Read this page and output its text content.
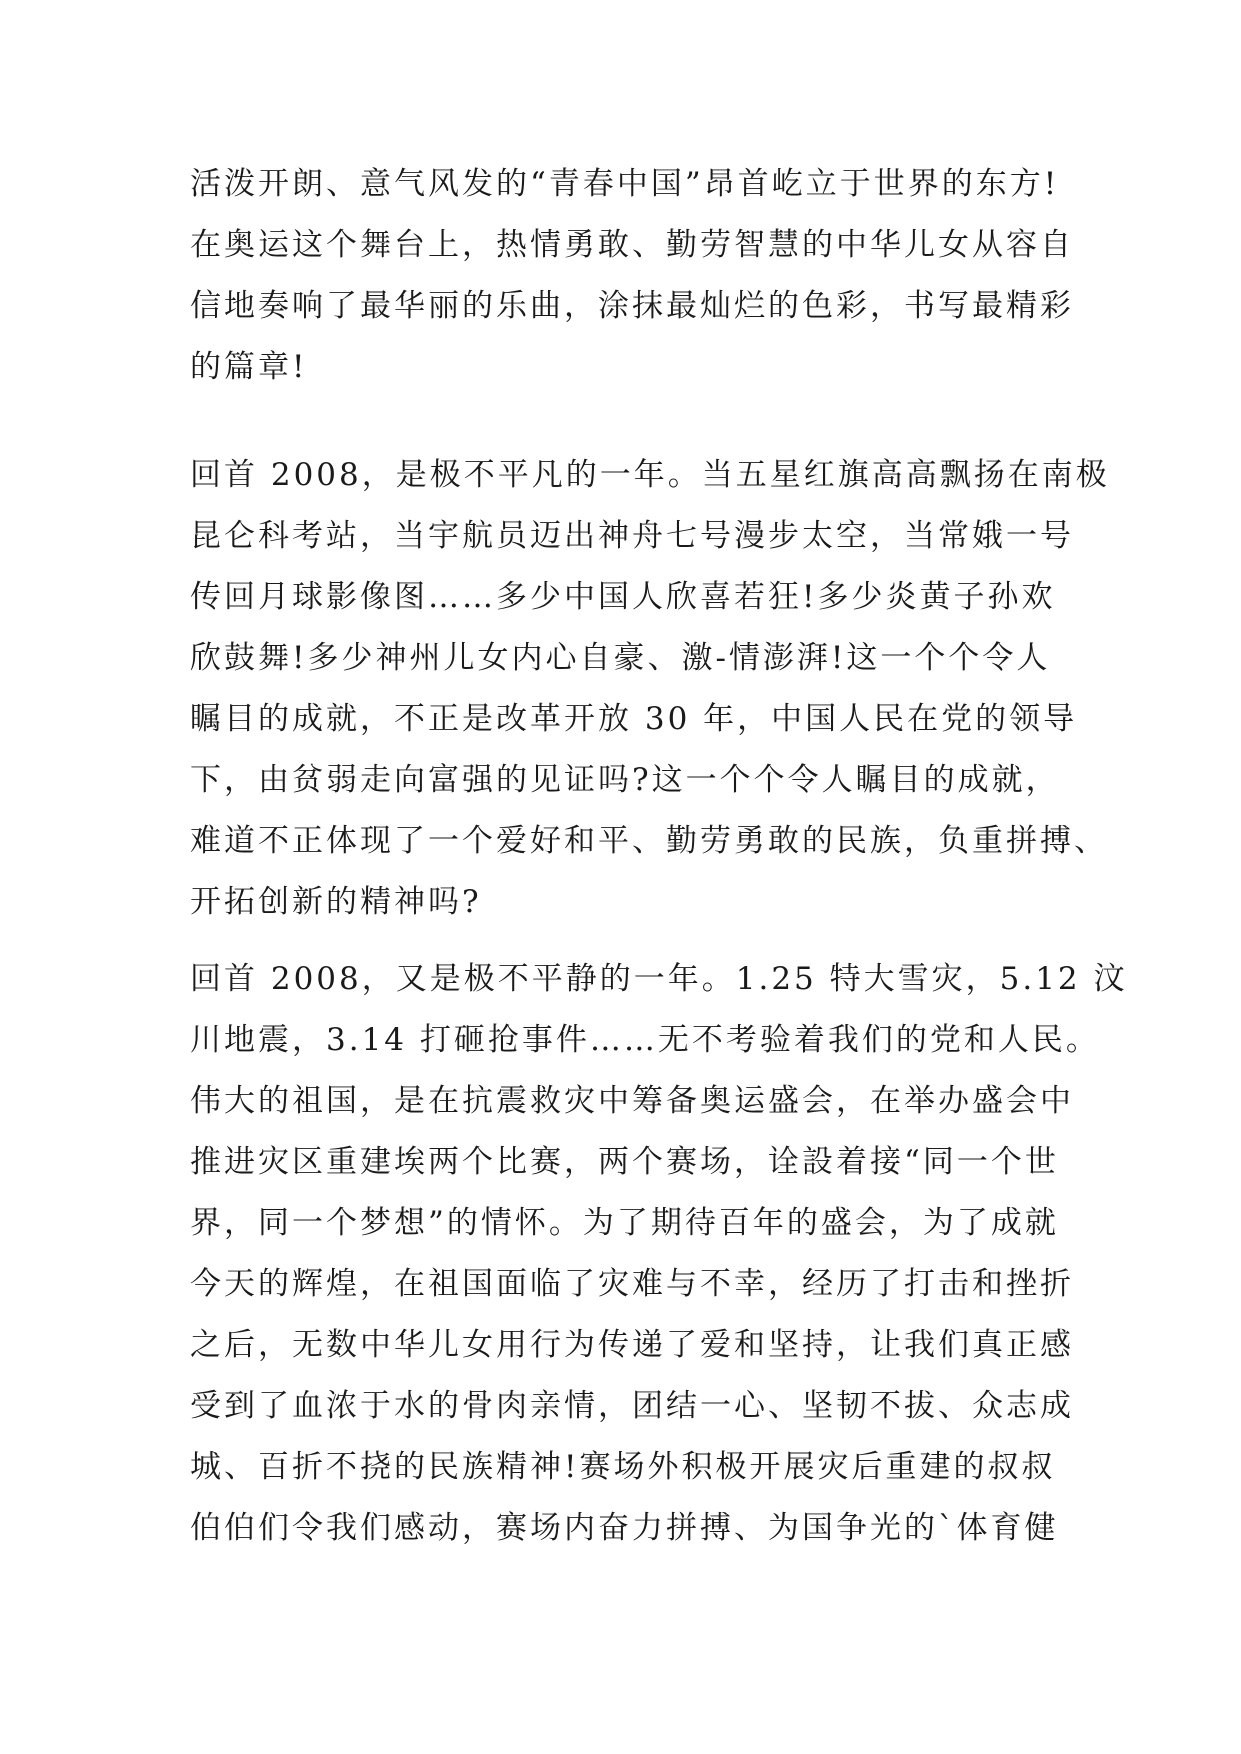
活泼开朗、意气风发的“青春中国”昂首屹立于世界的东方!
在奥运这个舞台上，热情勇敢、勤劳智慧的中华儿女从容自
信地奏响了最华丽的乐曲，涂抹最灿烂的色彩，书写最精彩
的篇章!
回首 2008，是极不平凡的一年。当五星红旗高高飘扬在南极
昆仑科考站，当宇航员迈出神舟七号漫步太空，当常娥一号
传回月球影像图……多少中国人欣喜若狂!多少炎黄子孙欢
欣鼓舞!多少神州儿女内心自豪、激-情澎湃!这一个个令人
瞩目的成就，不正是改革开放 30 年，中国人民在党的领导
下，由贫弱走向富强的见证吗?这一个个令人瞩目的成就，
难道不正体现了一个爱好和平、勤劳勇敢的民族，负重拼搏、
开拓创新的精神吗?
回首 2008，又是极不平静的一年。1.25 特大雪灾，5.12 汶
川地震，3.14 打砸抢事件……无不考验着我们的党和人民。
伟大的祖国，是在抗震救灾中筹备奥运盛会，在举办盛会中
推进灾区重建埃两个比赛，两个赛场，诠設着接“同一个世
界，同一个梦想”的情怀。为了期待百年的盛会，为了成就
今天的辉煌，在祖国面临了灾难与不幸，经历了打击和挫折
之后，无数中华儿女用行为传递了爱和坚持，让我们真正感
受到了血浓于水的骨肉亲情，团结一心、坚韧不拔、众志成
城、百折不挠的民族精神!赛场外积极开展灾后重建的叔叔
伯伯们令我们感动，赛场内奋力拼搏、为国争光的`体育健
